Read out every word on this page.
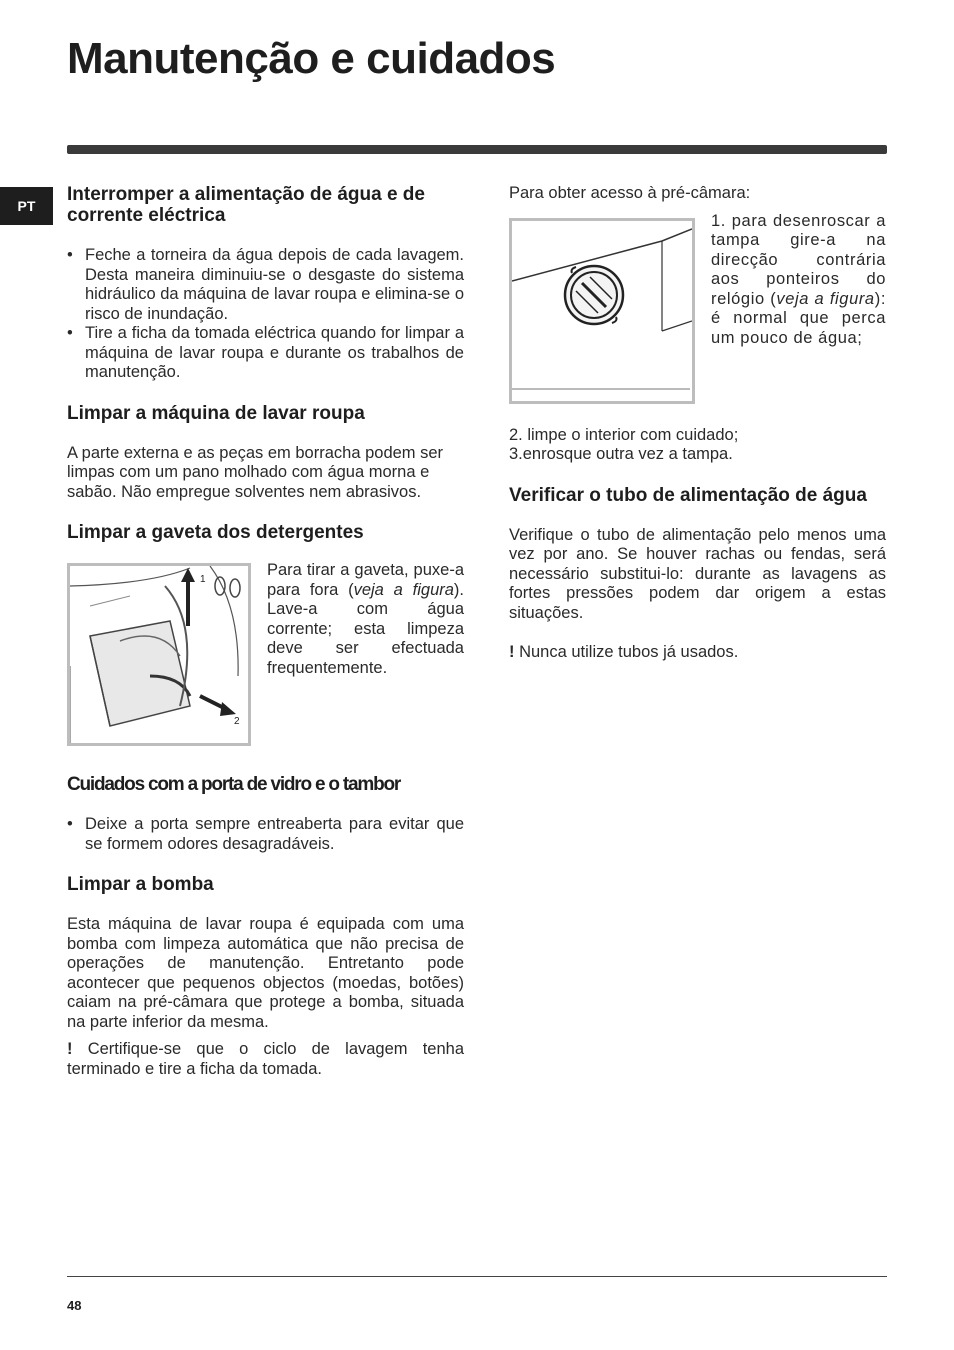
Manutenção e cuidados
PT
Interromper a alimentação de água e de corrente eléctrica
• Feche a torneira da água depois de cada lavagem. Desta maneira diminuiu-se o desgaste do sistema hidráulico da máquina de lavar roupa e elimina-se o risco de inundação.
• Tire a ficha da tomada eléctrica quando for limpar a máquina de lavar roupa e durante os trabalhos de manutenção.
Limpar a máquina de lavar roupa

A parte externa e as peças em borracha podem ser limpas com um pano molhado com água morna e sabão. Não empregue solventes nem abrasivos.

Limpar a gaveta dos detergentes
1
2

Para tirar a gaveta, puxe-a para fora (veja a figura). Lave-a com água corrente; esta limpeza deve ser efectuada frequentemente.

Cuidados com a porta de vidro e o tambor
• Deixe a porta sempre entreaberta para evitar que se formem odores desagradáveis.
Limpar a bomba

Esta máquina de lavar roupa é equipada com uma bomba com limpeza automática que não precisa de operações de manutenção. Entretanto pode acontecer que pequenos objectos (moedas, botões) caiam na pré-câmara que protege a bomba, situada na parte inferior da mesma.

! Certifique-se que o ciclo de lavagem tenha terminado e tire a ficha da tomada.

Para obter acesso à pré-câmara:

1. para desenroscar a tampa gire-a na direcção contrária aos ponteiros do relógio (veja a figura): é normal que perca um pouco de água;

2. limpe o interior com cuidado;

3.enrosque outra vez a tampa.

Verificar o tubo de alimentação de água

Verifique o tubo de alimentação pelo menos uma vez por ano. Se houver rachas ou fendas, será necessário substitui-lo: durante as lavagens as fortes pressões podem dar origem a estas situações.

! Nunca utilize tubos já usados.

48
